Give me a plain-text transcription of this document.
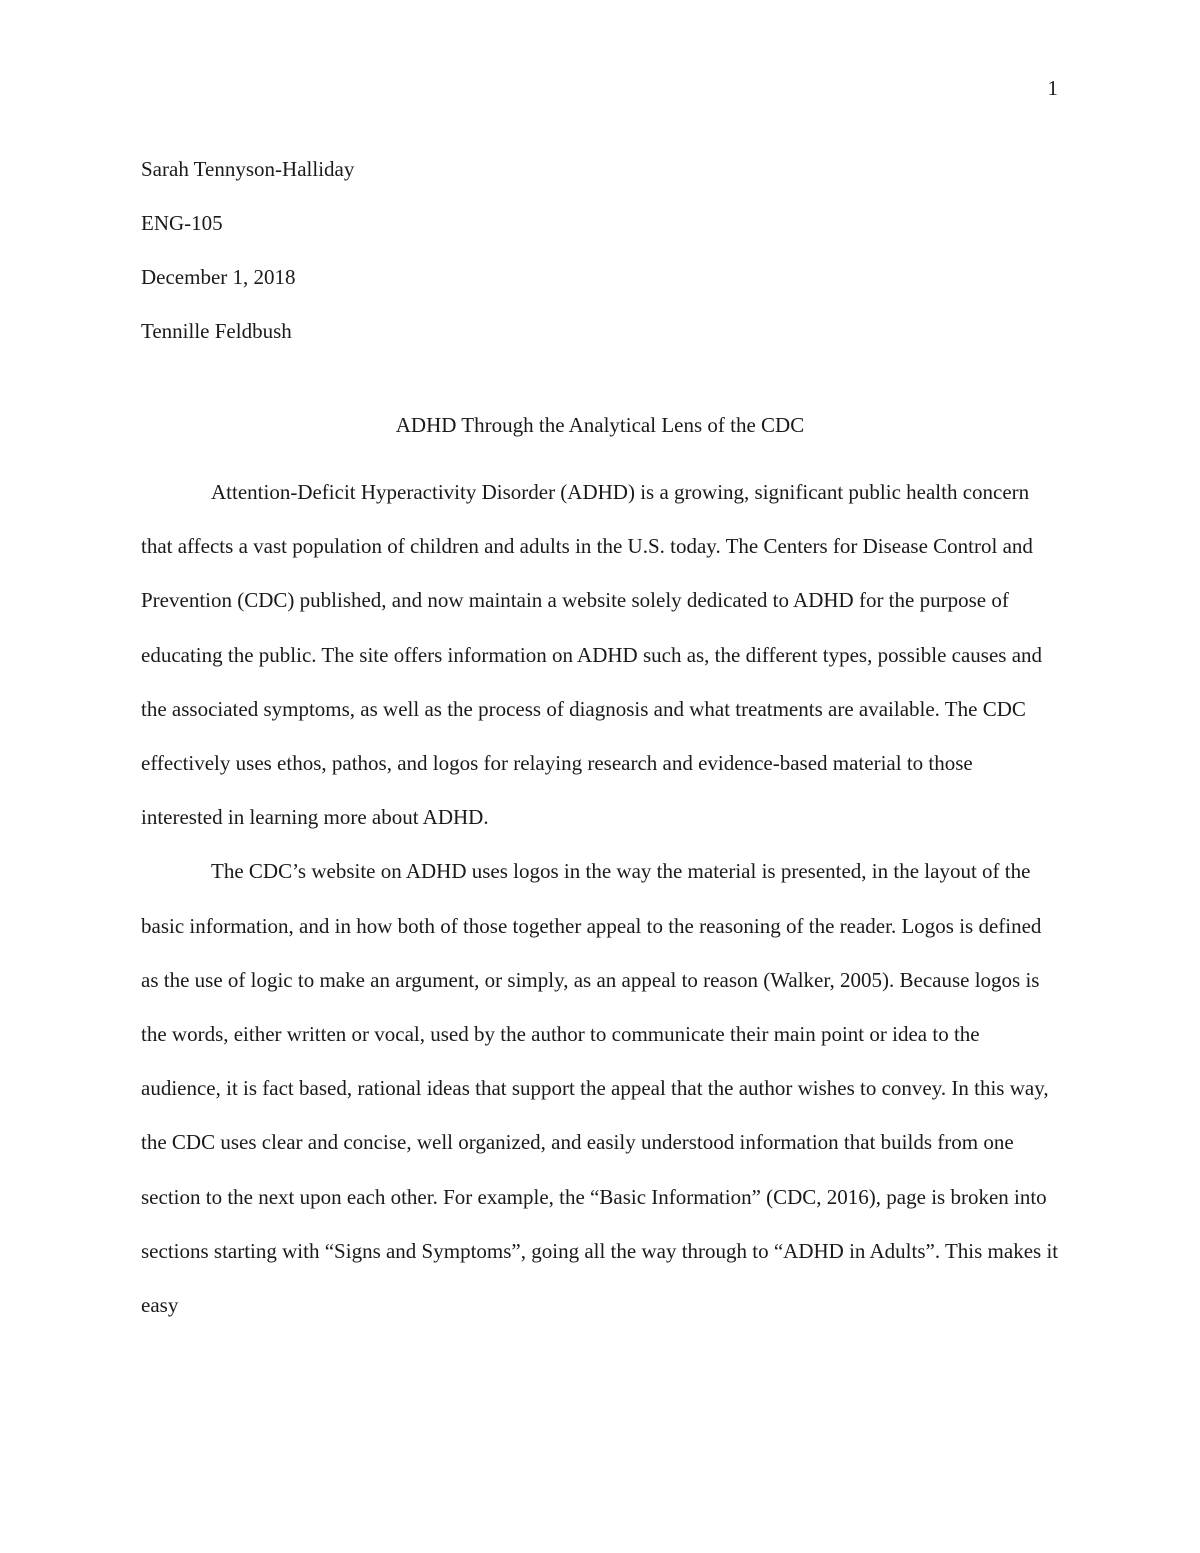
1
Sarah Tennyson-Halliday
ENG-105
December 1, 2018
Tennille Feldbush
ADHD Through the Analytical Lens of the CDC

Attention-Deficit Hyperactivity Disorder (ADHD) is a growing, significant public health concern that affects a vast population of children and adults in the U.S. today. The Centers for Disease Control and Prevention (CDC) published, and now maintain a website solely dedicated to ADHD for the purpose of educating the public. The site offers information on ADHD such as, the different types, possible causes and the associated symptoms, as well as the process of diagnosis and what treatments are available. The CDC effectively uses ethos, pathos, and logos for relaying research and evidence-based material to those interested in learning more about ADHD.

The CDC’s website on ADHD uses logos in the way the material is presented, in the layout of the basic information, and in how both of those together appeal to the reasoning of the reader. Logos is defined as the use of logic to make an argument, or simply, as an appeal to reason (Walker, 2005). Because logos is the words, either written or vocal, used by the author to communicate their main point or idea to the audience, it is fact based, rational ideas that support the appeal that the author wishes to convey. In this way, the CDC uses clear and concise, well organized, and easily understood information that builds from one section to the next upon each other. For example, the “Basic Information” (CDC, 2016), page is broken into sections starting with “Signs and Symptoms”, going all the way through to “ADHD in Adults”. This makes it easy
